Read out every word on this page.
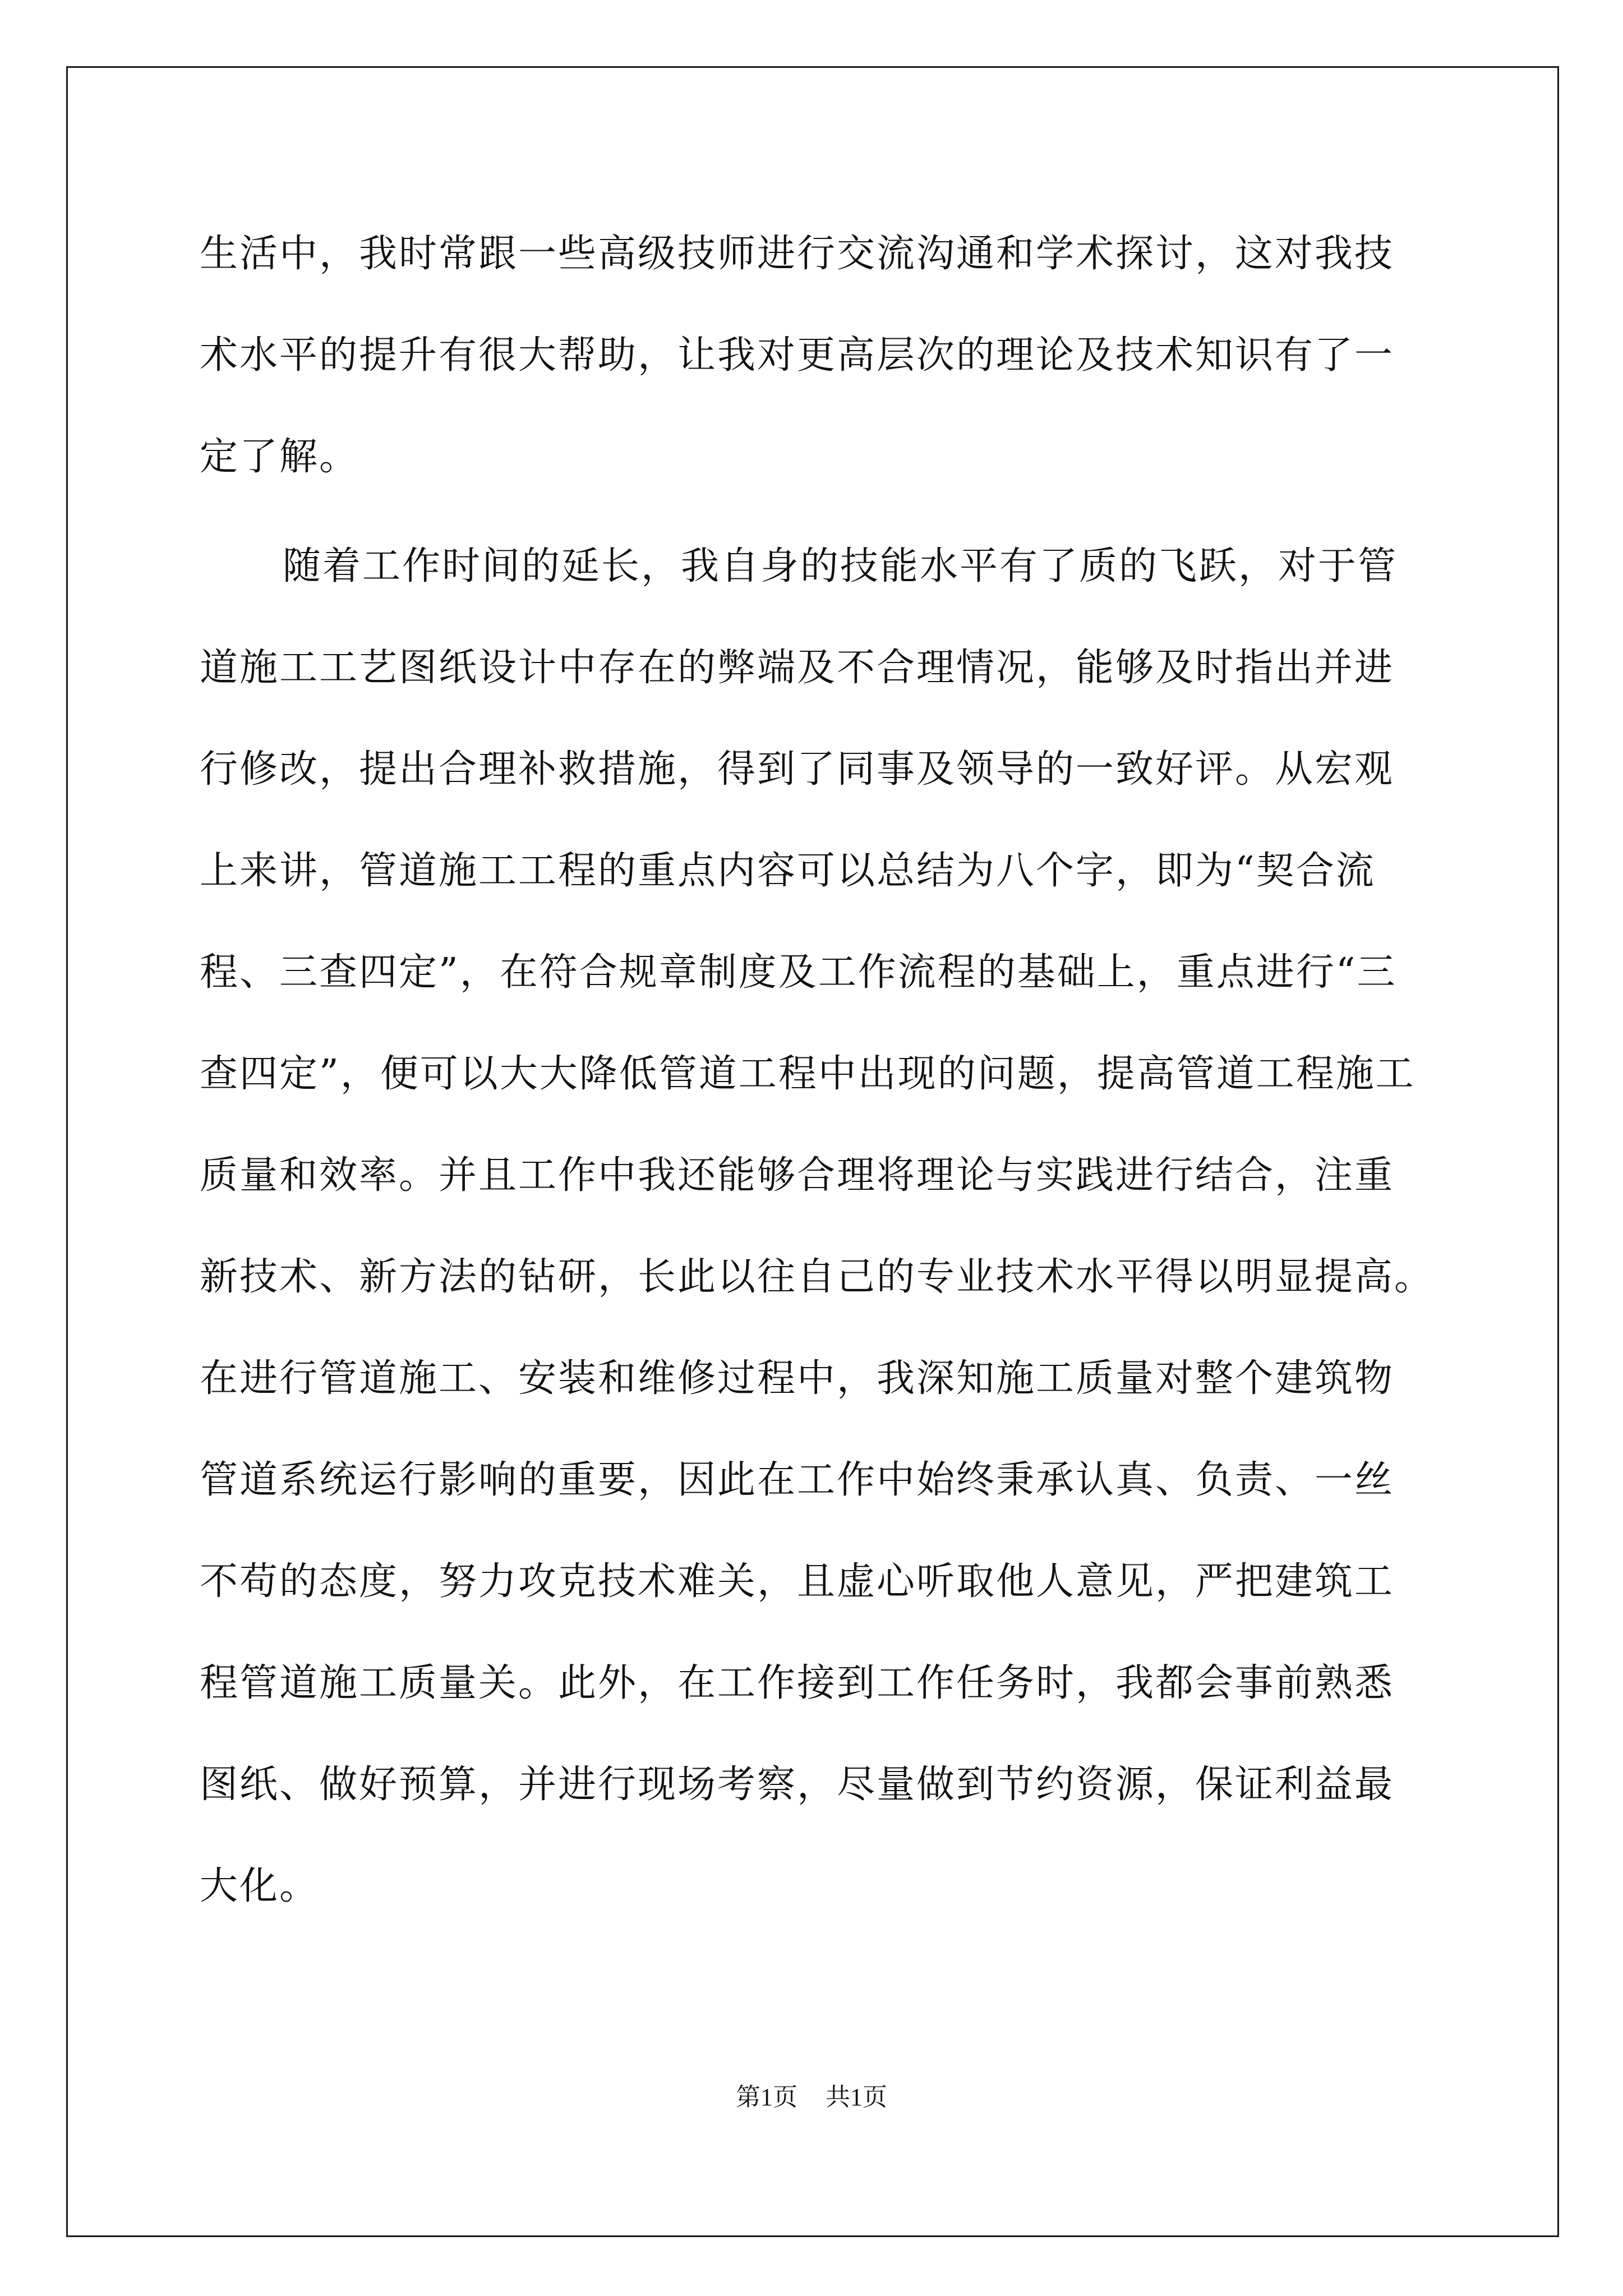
生活中，我时常跟一些高级技师进行交流沟通和学术探讨，这对我技
术水平的提升有很大帮助，让我对更高层次的理论及技术知识有了一
定了解。
随着工作时间的延长，我自身的技能水平有了质的飞跃，对于管
道施工工艺图纸设计中存在的弊端及不合理情况，能够及时指出并进
行修改，提出合理补救措施，得到了同事及领导的一致好评。从宏观
上来讲，管道施工工程的重点内容可以总结为八个字，即为“契合流
程、三查四定”，在符合规章制度及工作流程的基础上，重点进行“三
查四定”，便可以大大降低管道工程中出现的问题，提高管道工程施工
质量和效率。并且工作中我还能够合理将理论与实践进行结合，注重
新技术、新方法的钻研，长此以往自己的专业技术水平得以明显提高。
在进行管道施工、安装和维修过程中，我深知施工质量对整个建筑物
管道系统运行影响的重要，因此在工作中始终秉承认真、负责、一丝
不苟的态度，努力攻克技术难关，且虚心听取他人意见，严把建筑工
程管道施工质量关。此外，在工作接到工作任务时，我都会事前熟悉
图纸、做好预算，并进行现场考察，尽量做到节约资源，保证利益最
大化。
第1页 共1页
